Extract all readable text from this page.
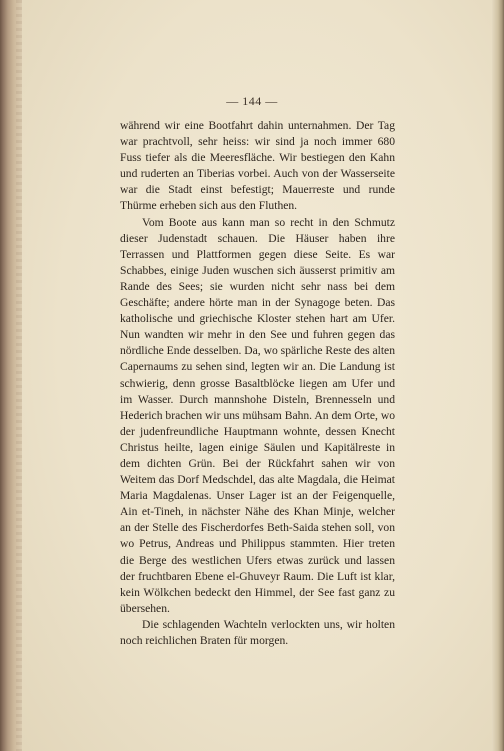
— 144 —

während wir eine Bootfahrt dahin unternahmen. Der Tag war prachtvoll, sehr heiss: wir sind ja noch immer 680 Fuss tiefer als die Meeresfläche. Wir bestiegen den Kahn und ruderten an Tiberias vorbei. Auch von der Wasserseite war die Stadt einst befestigt; Mauerreste und runde Thürme erheben sich aus den Fluthen.

Vom Boote aus kann man so recht in den Schmutz dieser Judenstadt schauen. Die Häuser haben ihre Terrassen und Plattformen gegen diese Seite. Es war Schabbes, einige Juden wuschen sich äusserst primitiv am Rande des Sees; sie wurden nicht sehr nass bei dem Geschäfte; andere hörte man in der Synagoge beten. Das katholische und griechische Kloster stehen hart am Ufer. Nun wandten wir mehr in den See und fuhren gegen das nördliche Ende desselben. Da, wo spärliche Reste des alten Capernaums zu sehen sind, legten wir an. Die Landung ist schwierig, denn grosse Basaltblöcke liegen am Ufer und im Wasser. Durch mannshohe Disteln, Brennesseln und Hederich brachen wir uns mühsam Bahn. An dem Orte, wo der judenfreundliche Hauptmann wohnte, dessen Knecht Christus heilte, lagen einige Säulen und Kapitälreste in dem dichten Grün. Bei der Rückfahrt sahen wir von Weitem das Dorf Medschdel, das alte Magdala, die Heimat Maria Magdalenas. Unser Lager ist an der Feigenquelle, Ain et-Tineh, in nächster Nähe des Khan Minje, welcher an der Stelle des Fischerdorfes Beth-Saida stehen soll, von wo Petrus, Andreas und Philippus stammten. Hier treten die Berge des westlichen Ufers etwas zurück und lassen der fruchtbaren Ebene el-Ghuveyr Raum. Die Luft ist klar, kein Wölkchen bedeckt den Himmel, der See fast ganz zu übersehen.

Die schlagenden Wachteln verlockten uns, wir holten noch reichlichen Braten für morgen.
